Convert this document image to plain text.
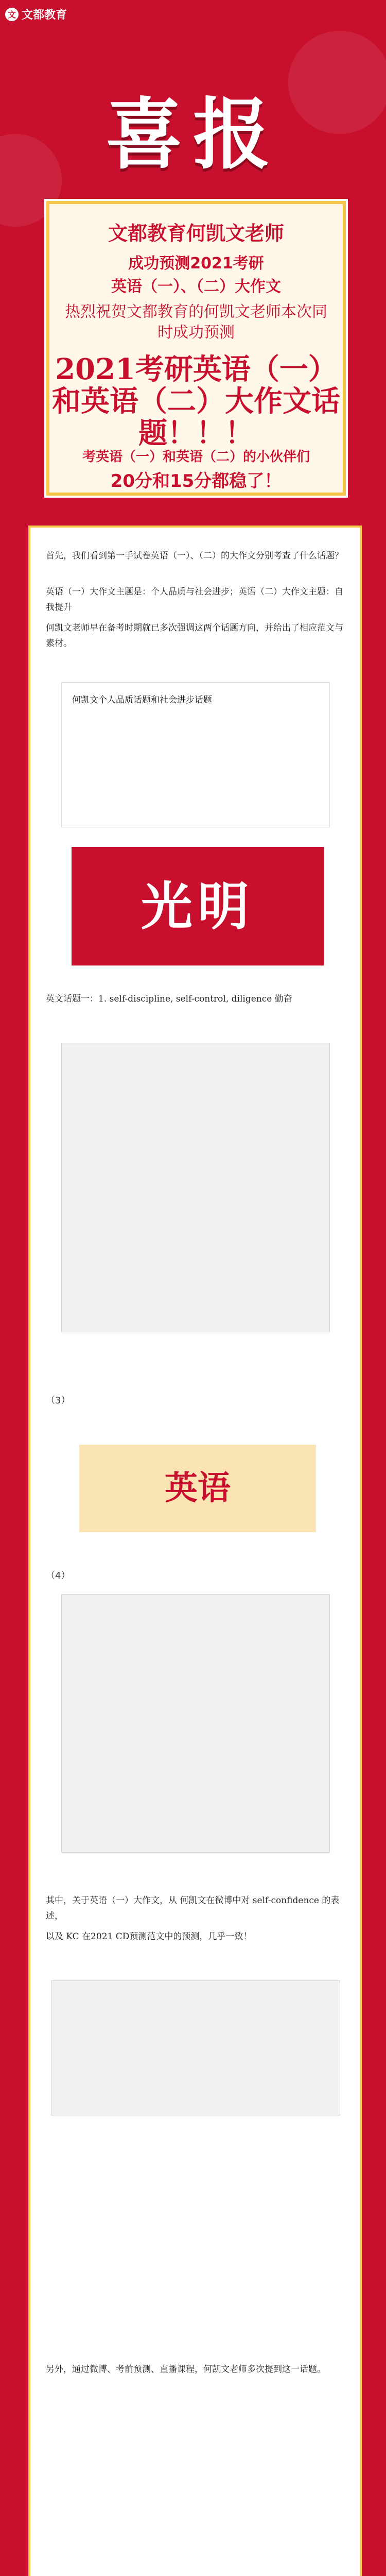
文 文都教育
喜报
文都教育何凯文老师
成功预测2021考研
英语（一）、（二）大作文
热烈祝贺文都教育的何凯文老师本次同时成功预测
2021考研英语（一）和英语（二）大作文话题！！！
考英语（一）和英语（二）的小伙伴们
20分和15分都稳了！
首先，我们看到第一手试卷英语（一）、（二）的大作文分别考查了什么话题？
英语（一）大作文主题是：个人品质与社会进步；英语（二）大作文主题：自我提升
何凯文老师早在备考时期就已多次强调这两个话题方向，并给出了相应范文与素材。
何凯文个人品质话题和社会进步话题
光明
英文话题一：1. self-discipline, self-control, diligence 勤奋
（3）
英语
（4）
其中，关于英语（一）大作文，从 何凯文在微博中对 self-confidence 的表述，
以及 KC 在2021 CD预测范文中的预测，几乎一致！
另外，通过微博、考前预测、直播课程，何凯文老师多次提到这一话题。
